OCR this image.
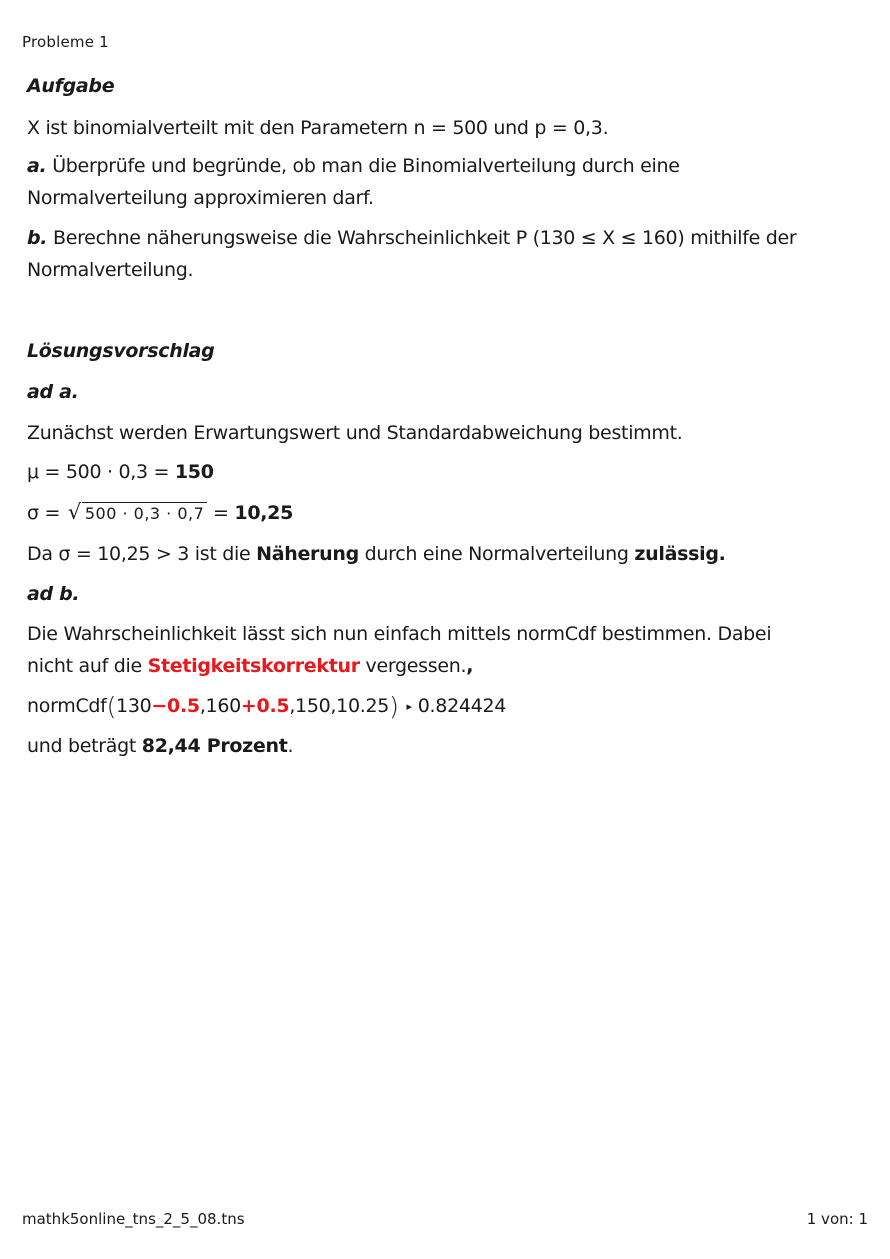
Probleme 1
Aufgabe
X ist binomialverteilt mit den Parametern n = 500 und p = 0,3.
a. Überprüfe und begründe, ob man die Binomialverteilung durch eine
Normalverteilung approximieren darf.
b. Berechne näherungsweise die Wahrscheinlichkeit P (130 ≤ X ≤ 160) mithilfe der
Normalverteilung.
Lösungsvorschlag
ad a.
Zunächst werden Erwartungswert und Standardabweichung bestimmt.
μ = 500 · 0,3 = 150
σ = √ 500 · 0,3 · 0,7 = 10,25
Da σ = 10,25 > 3 ist die Näherung durch eine Normalverteilung zulässig.
ad b.
Die Wahrscheinlichkeit lässt sich nun einfach mittels normCdf bestimmen. Dabei
nicht auf die Stetigkeitskorrektur vergessen.,
normCdf(130−0.5,160+0.5,150,10.25) ▸ 0.824424
und beträgt 82,44 Prozent.
mathk5online_tns_2_5_08.tns	1 von: 1
